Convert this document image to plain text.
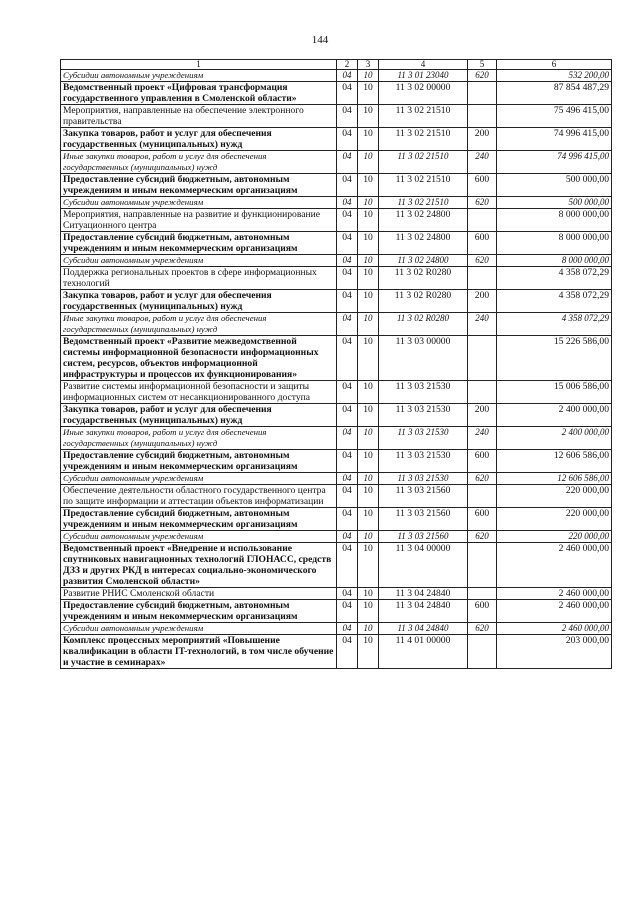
144
1	2	3	4	5	6
Субсидии автономным учреждениям	04	10	11 3 01 23040	620	532 200,00
Ведомственный проект «Цифровая трансформация государственного управления в Смоленской области»	04	10	11 3 02 00000		87 854 487,29
Мероприятия, направленные на обеспечение электронного правительства	04	10	11 3 02 21510		75 496 415,00
Закупка товаров, работ и услуг для обеспечения государственных (муниципальных) нужд	04	10	11 3 02 21510	200	74 996 415,00
Иные закупки товаров, работ и услуг для обеспечения государственных (муниципальных) нужд	04	10	11 3 02 21510	240	74 996 415,00
Предоставление субсидий бюджетным, автономным учреждениям и иным некоммерческим организациям	04	10	11 3 02 21510	600	500 000,00
Субсидии автономным учреждениям	04	10	11 3 02 21510	620	500 000,00
Мероприятия, направленные на развитие и функционирование Ситуационного центра	04	10	11 3 02 24800		8 000 000,00
Предоставление субсидий бюджетным, автономным учреждениям и иным некоммерческим организациям	04	10	11 3 02 24800	600	8 000 000,00
Субсидии автономным учреждениям	04	10	11 3 02 24800	620	8 000 000,00
Поддержка региональных проектов в сфере информационных технологий	04	10	11 3 02 R0280		4 358 072,29
Закупка товаров, работ и услуг для обеспечения государственных (муниципальных) нужд	04	10	11 3 02 R0280	200	4 358 072,29
Иные закупки товаров, работ и услуг для обеспечения государственных (муниципальных) нужд	04	10	11 3 02 R0280	240	4 358 072,29
Ведомственный проект «Развитие межведомственной системы информационной безопасности информационных систем, ресурсов, объектов информационной инфраструктуры и процессов их функционирования»	04	10	11 3 03 00000		15 226 586,00
Развитие системы информационной безопасности и защиты информационных систем от несанкционированного доступа	04	10	11 3 03 21530		15 006 586,00
Закупка товаров, работ и услуг для обеспечения государственных (муниципальных) нужд	04	10	11 3 03 21530	200	2 400 000,00
Иные закупки товаров, работ и услуг для обеспечения государственных (муниципальных) нужд	04	10	11 3 03 21530	240	2 400 000,00
Предоставление субсидий бюджетным, автономным учреждениям и иным некоммерческим организациям	04	10	11 3 03 21530	600	12 606 586,00
Субсидии автономным учреждениям	04	10	11 3 03 21530	620	12 606 586,00
Обеспечение деятельности областного государственного центра по защите информации и аттестации объектов информатизации	04	10	11 3 03 21560		220 000,00
Предоставление субсидий бюджетным, автономным учреждениям и иным некоммерческим организациям	04	10	11 3 03 21560	600	220 000,00
Субсидии автономным учреждениям	04	10	11 3 03 21560	620	220 000,00
Ведомственный проект «Внедрение и использование спутниковых навигационных технологий ГЛОНАСС, средств ДЗЗ и других РКД в интересах социально-экономического развития Смоленской области»	04	10	11 3 04 00000		2 460 000,00
Развитие РНИС Смоленской области	04	10	11 3 04 24840		2 460 000,00
Предоставление субсидий бюджетным, автономным учреждениям и иным некоммерческим организациям	04	10	11 3 04 24840	600	2 460 000,00
Субсидии автономным учреждениям	04	10	11 3 04 24840	620	2 460 000,00
Комплекс процессных мероприятий «Повышение квалификации в области IT-технологий, в том числе обучение и участие в семинарах»	04	10	11 4 01 00000		203 000,00
